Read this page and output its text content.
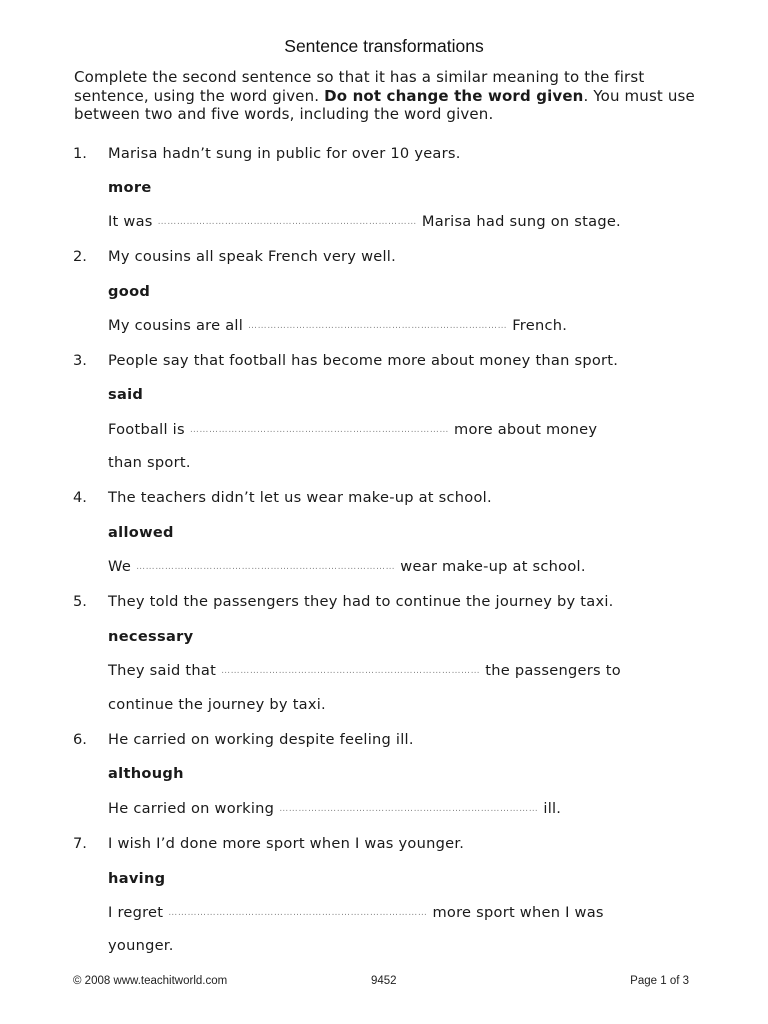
Sentence transformations
Complete the second sentence so that it has a similar meaning to the first sentence, using the word given. Do not change the word given. You must use between two and five words, including the word given.
1. Marisa hadn’t sung in public for over 10 years.
more
It was ……………………………………………………………………… Marisa had sung on stage.
2. My cousins all speak French very well.
good
My cousins are all ……………………………………………………………………… French.
3. People say that football has become more about money than sport.
said
Football is ……………………………………………………………………… more about money
than sport.
4. The teachers didn’t let us wear make-up at school.
allowed
We ……………………………………………………………………… wear make-up at school.
5. They told the passengers they had to continue the journey by taxi.
necessary
They said that ……………………………………………………………………… the passengers to
continue the journey by taxi.
6. He carried on working despite feeling ill.
although
He carried on working ……………………………………………………………………… ill.
7. I wish I’d done more sport when I was younger.
having
I regret ……………………………………………………………………… more sport when I was
younger.
© 2008 www.teachitworld.com	9452	Page 1 of 3
